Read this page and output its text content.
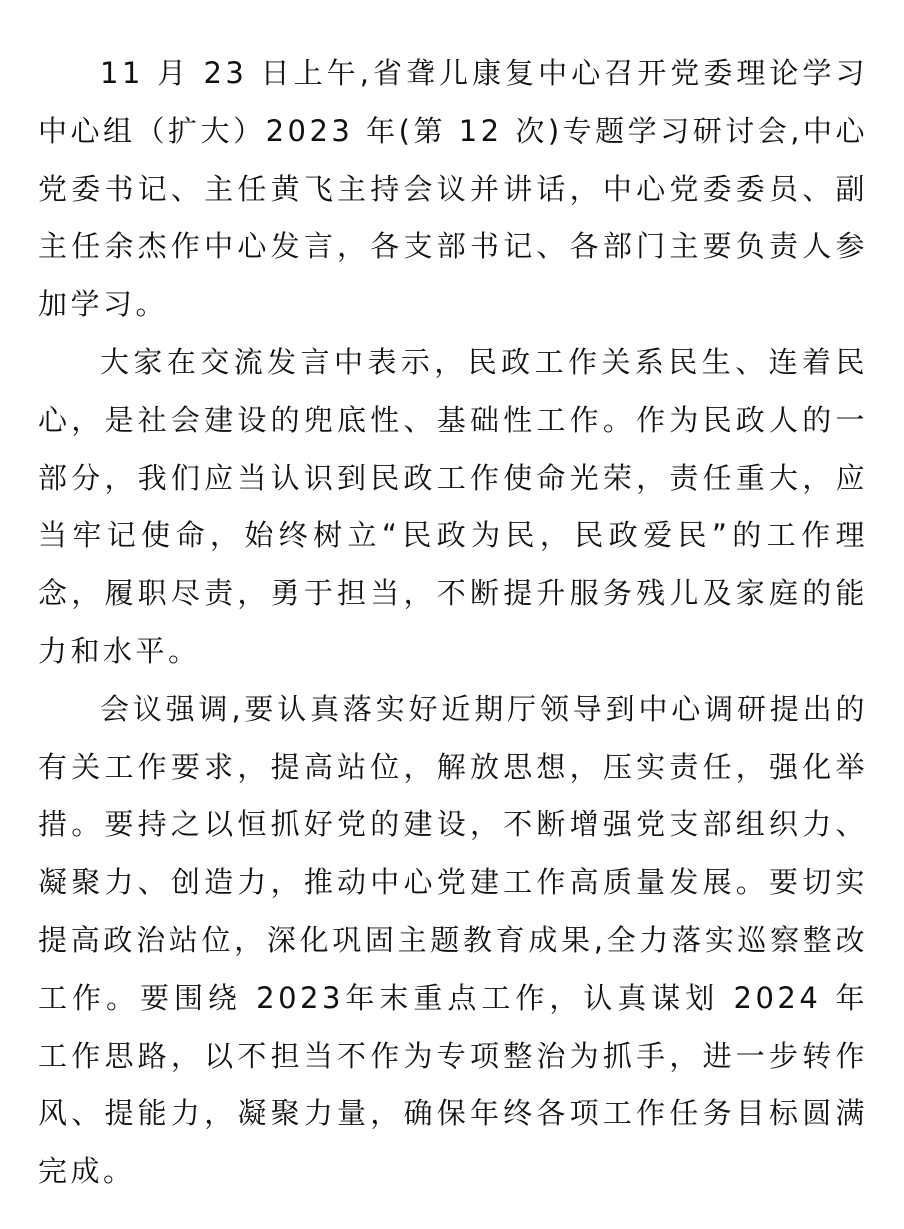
11 月 23 日上午,省聋儿康复中心召开党委理论学习中心组（扩大）2023 年(第 12 次)专题学习研讨会,中心党委书记、主任黄飞主持会议并讲话，中心党委委员、副主任余杰作中心发言，各支部书记、各部门主要负责人参加学习。

大家在交流发言中表示，民政工作关系民生、连着民心，是社会建设的兜底性、基础性工作。作为民政人的一部分，我们应当认识到民政工作使命光荣，责任重大，应当牢记使命，始终树立“民政为民，民政爱民”的工作理念，履职尽责，勇于担当，不断提升服务残儿及家庭的能力和水平。

会议强调,要认真落实好近期厅领导到中心调研提出的有关工作要求，提高站位，解放思想，压实责任，强化举措。要持之以恒抓好党的建设，不断增强党支部组织力、凝聚力、创造力，推动中心党建工作高质量发展。要切实提高政治站位，深化巩固主题教育成果,全力落实巡察整改工作。要围绕 2023年末重点工作，认真谋划 2024 年工作思路，以不担当不作为专项整治为抓手，进一步转作风、提能力，凝聚力量，确保年终各项工作任务目标圆满完成。
